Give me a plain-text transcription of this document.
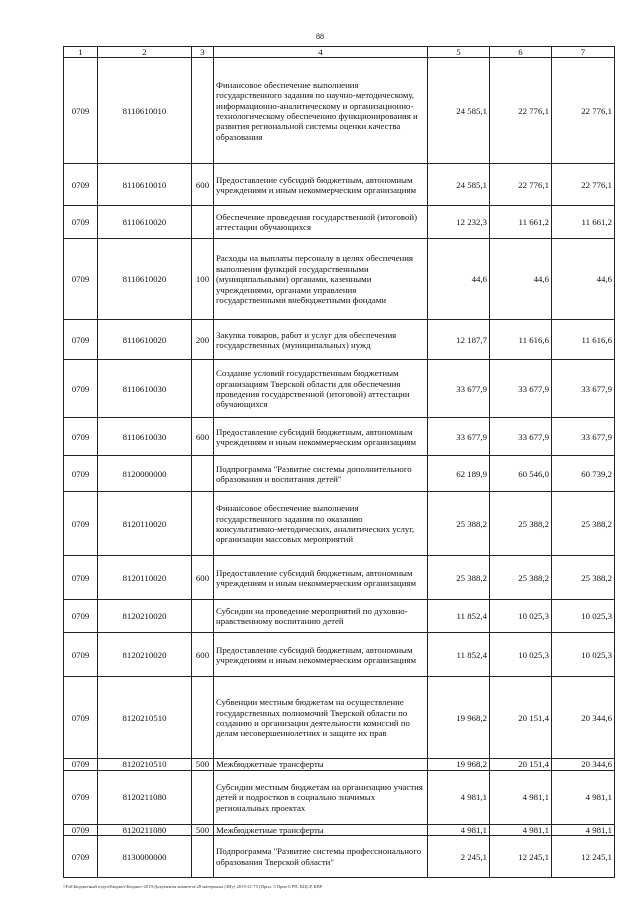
88
1	2	3	4	5	6	7
0709	8110610010		Финансовое обеспечение выполнения государственного задания по научно-методическому, информационно-аналитическому и организационно-технологическому обеспечению функционирования и развития региональной системы оценки качества образования	24 585,1	22 776,1	22 776,1
0709	8110610010	600	Предоставление субсидий бюджетным, автономным учреждениям и иным некоммерческим организациям	24 585,1	22 776,1	22 776,1
0709	8110610020		Обеспечение проведения государственной (итоговой) аттестации обучающихся	12 232,3	11 661,2	11 661,2
0709	8110610020	100	Расходы на выплаты персоналу в целях обеспечения выполнения функций государственными (муниципальными) органами, казенными учреждениями, органами управления государственными внебюджетными фондами	44,6	44,6	44,6
0709	8110610020	200	Закупка товаров, работ и услуг для обеспечения государственных (муниципальных) нужд	12 187,7	11 616,6	11 616,6
0709	8110610030		Создание условий государственным бюджетным организациям Тверской области для обеспечения проведения государственной (итоговой) аттестации обучающихся	33 677,9	33 677,9	33 677,9
0709	8110610030	600	Предоставление субсидий бюджетным, автономным учреждениям и иным некоммерческим организациям	33 677,9	33 677,9	33 677,9
0709	8120000000		Подпрограмма "Развитие системы дополнительного образования и воспитания детей"	62 189,9	60 546,0	60 739,2
0709	8120110020		Финансовое обеспечение выполнения государственного задания по оказанию консультативно-методических, аналитических услуг, организации массовых мероприятий	25 388,2	25 388,2	25 388,2
0709	8120110020	600	Предоставление субсидий бюджетным, автономным учреждениям и иным некоммерческим организациям	25 388,2	25 388,2	25 388,2
0709	8120210020		Субсидии на проведение мероприятий по духовно-нравственному воспитанию детей	11 852,4	10 025,3	10 025,3
0709	8120210020	600	Предоставление субсидий бюджетным, автономным учреждениям и иным некоммерческим организациям	11 852,4	10 025,3	10 025,3
0709	8120210510		Субвенции местным бюджетам на осуществление государственных полномочий Тверской области по созданию и организации деятельности комиссий по делам несовершеннолетних и защите их прав	19 968,2	20 151,4	20 344,6
0709	8120210510	500	Межбюджетные трансферты	19 968,2	20 151,4	20 344,6
0709	8120211080		Субсидии местным бюджетам на организацию участия детей и подростков в социально значимых региональных проектах	4 981,1	4 981,1	4 981,1
0709	8120211080	500	Межбюджетные трансферты	4 981,1	4 981,1	4 981,1
0709	8130000000		Подпрограмма "Развитие системы профессионального образования Тверской области"	2 245,1	12 245,1	12 245,1
\\Fs0\Бюджетный отдел\Бюджет\Бюджет-2019\Документы комитета\28 материалы (ЗНу) 2019-21-75 (Прил. 5 Прил 6 РП, КЦСР, КВР
